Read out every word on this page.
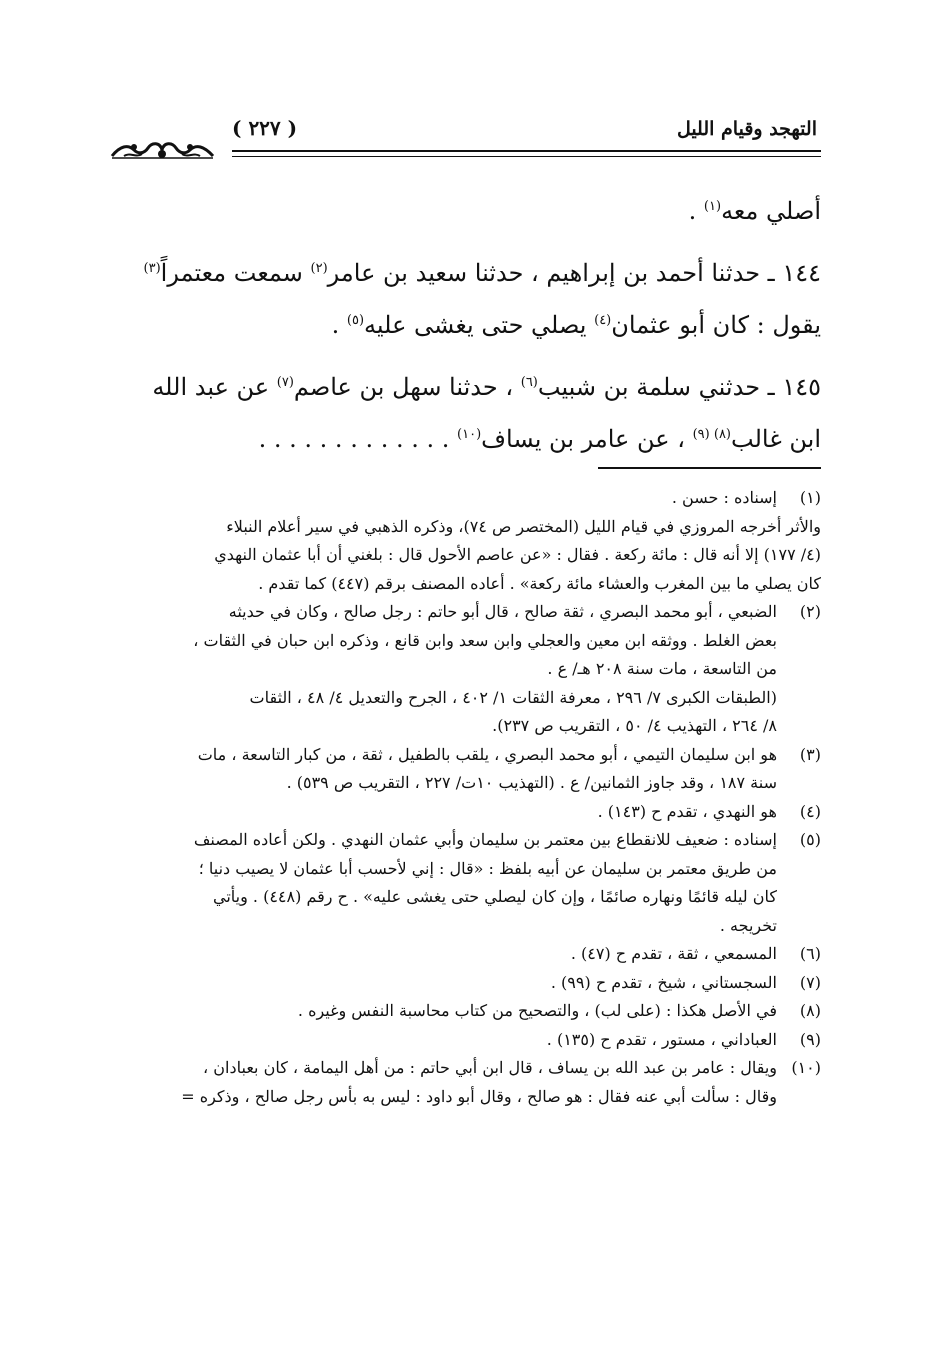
التهجد وقيام الليل
( ٢٢٧ )

أصلي معه$^{(١)}$ .

١٤٤ ـ حدثنا أحمد بن إبراهيم ، حدثنا سعيد بن عامر$^{(٢)}$ سمعت معتمراً$^{(٣)}$

يقول : كان أبو عثمان$^{(٤)}$ يصلي حتى يغشى عليه$^{(٥)}$ .

١٤٥ ـ حدثني سلمة بن شبيب$^{(٦)}$ ، حدثنا سهل بن عاصم$^{(٧)}$ عن عبد الله

ابن غالب$^{(٨) (٩)}$ ، عن عامر بن يساف$^{(١٠)}$ . . . . . . . . . . . . .

(١)
إسناده : حسن .
والأثر أخرجه المروزي في قيام الليل (المختصر ص ٧٤)، وذكره الذهبي في سير أعلام النبلاء
(٤/ ١٧٧) إلا أنه قال : مائة ركعة . فقال : «عن عاصم الأحول قال : بلغني أن أبا عثمان النهدي
كان يصلي ما بين المغرب والعشاء مائة ركعة» . أعاده المصنف برقم (٤٤٧) كما تقدم .
(٢)
الضبعي ، أبو محمد البصري ، ثقة صالح ، قال أبو حاتم : رجل صالح ، وكان في حديثه
بعض الغلط . ووثقه ابن معين والعجلي وابن سعد وابن قانع ، وذكره ابن حبان في الثقات ،
من التاسعة ، مات سنة ٢٠٨ هـ/ ع .
(الطبقات الكبرى ٧/ ٢٩٦ ، معرفة الثقات ١/ ٤٠٢ ، الجرح والتعديل ٤/ ٤٨ ، الثقات
٨/ ٢٦٤ ، التهذيب ٤/ ٥٠ ، التقريب ص ٢٣٧).
(٣)
هو ابن سليمان التيمي ، أبو محمد البصري ، يلقب بالطفيل ، ثقة ، من كبار التاسعة ، مات
سنة ١٨٧ ، وقد جاوز الثمانين/ ع . (التهذيب ١٠ت/ ٢٢٧ ، التقريب ص ٥٣٩) .
(٤)
هو النهدي ، تقدم ح (١٤٣) .
(٥)
إسناده : ضعيف للانقطاع بين معتمر بن سليمان وأبي عثمان النهدي . ولكن أعاده المصنف
من طريق معتمر بن سليمان عن أبيه بلفظ : «قال : إني لأحسب أبا عثمان لا يصيب دنيا ؛
كان ليله قائمًا ونهاره صائمًا ، وإن كان ليصلي حتى يغشى عليه» . ح رقم (٤٤٨) . ويأتي
تخريجه .
(٦)
المسمعي ، ثقة ، تقدم ح (٤٧) .
(٧)
السجستاني ، شيخ ، تقدم ح (٩٩) .
(٨)
في الأصل هكذا : (على لب) ، والتصحيح من كتاب محاسبة النفس وغيره .
(٩)
العباداني ، مستور ، تقدم ح (١٣٥) .
(١٠)
ويقال : عامر بن عبد الله بن يساف ، قال ابن أبي حاتم : من أهل اليمامة ، كان بعبادان ،
وقال : سألت أبي عنه فقال : هو صالح ، وقال أبو داود : ليس به بأس رجل صالح ، وذكره =
